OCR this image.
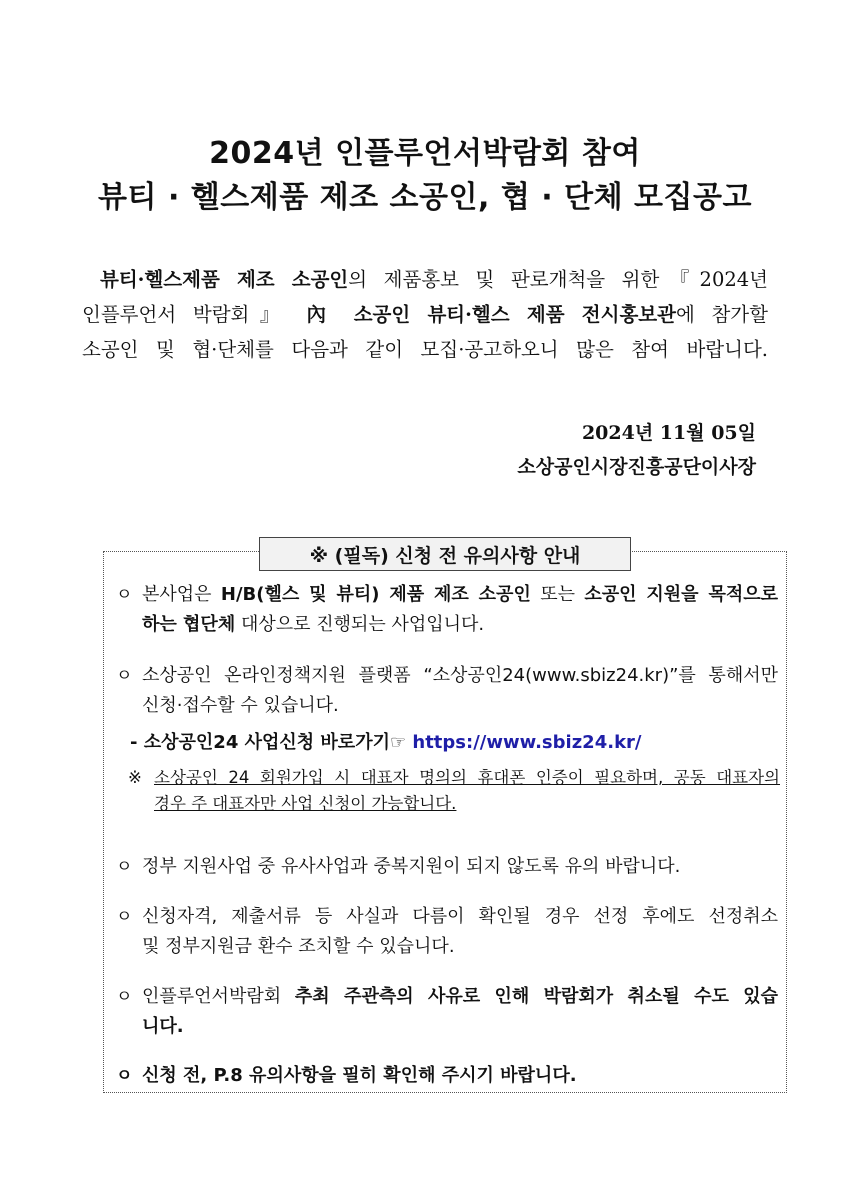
2024년 인플루언서박람회 참여
뷰티 · 헬스제품 제조 소공인, 협 · 단체 모집공고

뷰티·헬스제품 제조 소공인의 제품홍보 및 판로개척을 위한『2024년

인플루언서 박람회』 內 소공인 뷰티·헬스 제품 전시홍보관에 참가할

소공인 및 협·단체를 다음과 같이 모집·공고하오니 많은 참여 바랍니다.

2024년 11월 05일
소상공인시장진흥공단이사장
※ (필독) 신청 전 유의사항 안내
ㅇ 본사업은 H/B(헬스 및 뷰티) 제품 제조 소공인 또는 소공인 지원을 목적으로
하는 협단체 대상으로 진행되는 사업입니다.
ㅇ 소상공인 온라인정책지원 플랫폼 “소상공인24(www.sbiz24.kr)”를 통해서만
신청·접수할 수 있습니다.
- 소상공인24 사업신청 바로가기☞ https://www.sbiz24.kr/
※ 소상공인 24 회원가입 시 대표자 명의의 휴대폰 인증이 필요하며, 공동 대표자의
경우 주 대표자만 사업 신청이 가능합니다.
ㅇ 정부 지원사업 중 유사사업과 중복지원이 되지 않도록 유의 바랍니다.
ㅇ 신청자격, 제출서류 등 사실과 다름이 확인될 경우 선정 후에도 선정취소
및 정부지원금 환수 조치할 수 있습니다.
ㅇ 인플루언서박람회 추최 주관측의 사유로 인해 박람회가 취소될 수도 있습
니다.
ㅇ 신청 전, P.8 유의사항을 필히 확인해 주시기 바랍니다.
